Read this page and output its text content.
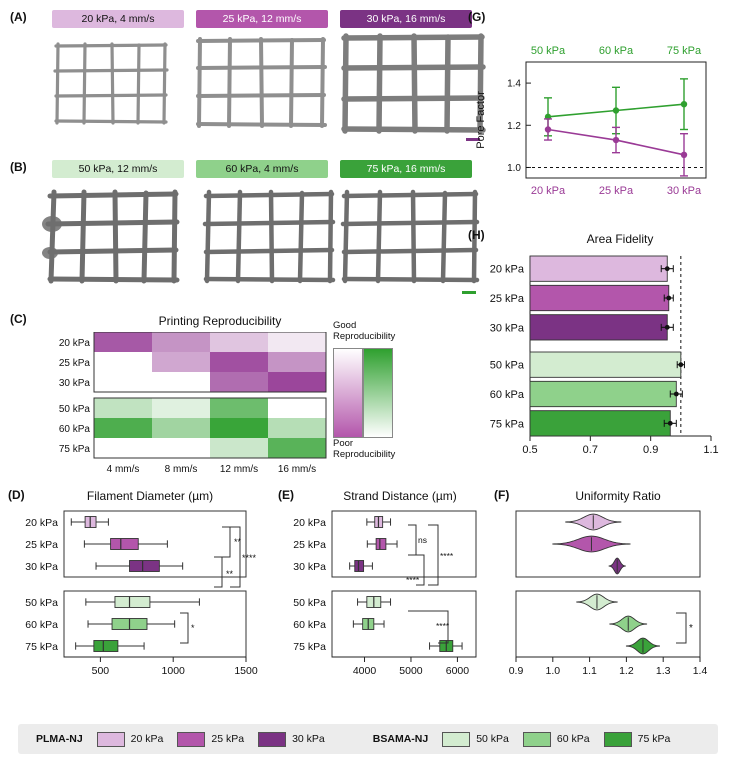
(A)	20 kPa, 4 mm/s	25 kPa, 12 mm/s	30 kPa, 16 mm/s
(B)	50 kPa, 12 mm/s	60 kPa, 4 mm/s	75 kPa, 16 mm/s
(C)	Printing Reproducibility
20 kPa
25 kPa
30 kPa
50 kPa
60 kPa
75 kPa
4 mm/s	8 mm/s 12 mm/s 16 mm/s
Good
Reproducibility
Poor
Reproducibility
(G)
1.0
1.2
1.4
Pore Factor
50 kPa	60 kPa	75 kPa
20 kPa	25 kPa	30 kPa
(H)	Area Fidelity
0.5	0.7	0.9	1.1
20 kPa
25 kPa
30 kPa
50 kPa
60 kPa
75 kPa
(D)	Filament Diameter (µm)
20 kPa
25 kPa
30 kPa
50 kPa
60 kPa
75 kPa
500	1000	1500
**
****
**
*
(E)	Strand Distance (µm)
20 kPa
25 kPa
30 kPa
50 kPa
60 kPa
75 kPa
4000 5000 6000
ns
****
****
****
(F)	Uniformity Ratio
0.9 1.0 1.1 1.2 1.3 1.4
*
PLMA-NJ	20 kPa	25 kPa	30 kPa	BSAMA-NJ	50 kPa	60 kPa	75 kPa
